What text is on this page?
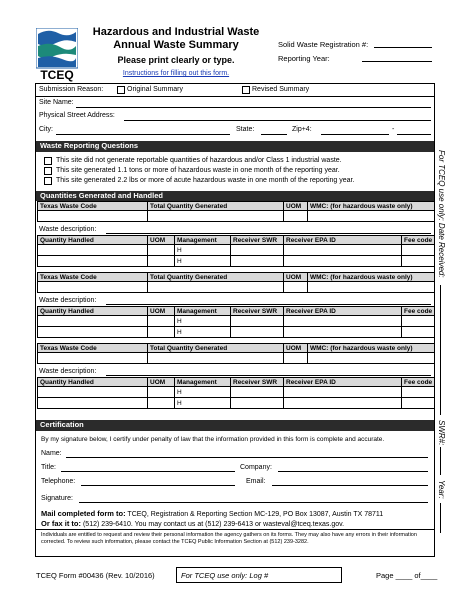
TCEQ
Hazardous and Industrial Waste
Annual Waste Summary
Please print clearly or type.
Instructions for filling out this form.
Solid Waste Registration #:
Reporting Year:
Submission Reason:	Original Summary	Revised Summary
Site Name:
Physical Street Address:
City:	State:	Zip+4:	-
Waste Reporting Questions
This site did not generate reportable quantities of hazardous and/or Class 1 industrial waste.
This site generated 1.1 tons or more of hazardous waste in one month of the reporting year.
This site generated 2.2 lbs or more of acute hazardous waste in one month of the reporting year.
Quantities Generated and Handled
Texas Waste Code	Total Quantity Generated	UOM	WMC: (for hazardous waste only)

Waste description:
Quantity Handled	UOM	Management	Receiver SWR	Receiver EPA ID	Fee code
		H			
		H			
Texas Waste Code	Total Quantity Generated	UOM	WMC: (for hazardous waste only)

Waste description:
Quantity Handled	UOM	Management	Receiver SWR	Receiver EPA ID	Fee code
		H			
		H			
Texas Waste Code	Total Quantity Generated	UOM	WMC: (for hazardous waste only)

Waste description:
Quantity Handled	UOM	Management	Receiver SWR	Receiver EPA ID	Fee code
		H			
		H			
Certification
By my signature below, I certify under penalty of law that the information provided in this form is complete and accurate.
Name:
Title:	Company:
Telephone:	Email:
Signature:
Mail completed form to: TCEQ, Registration & Reporting Section MC-129, PO Box 13087, Austin TX 78711
Or fax it to: (512) 239-6410. You may contact us at (512) 239-6413 or wasteval@tceq.texas.gov.
Individuals are entitled to request and review their personal information the agency gathers on its forms. They may also have any errors in their information corrected. To review such information, please contact the TCEQ Public Information Section at (512) 239-3282.
For TCEQ use only: Date Received:
SWR#:
Year:
TCEQ Form #00436 (Rev. 10/2016)	For TCEQ use only: Log #	Page ____ of____
